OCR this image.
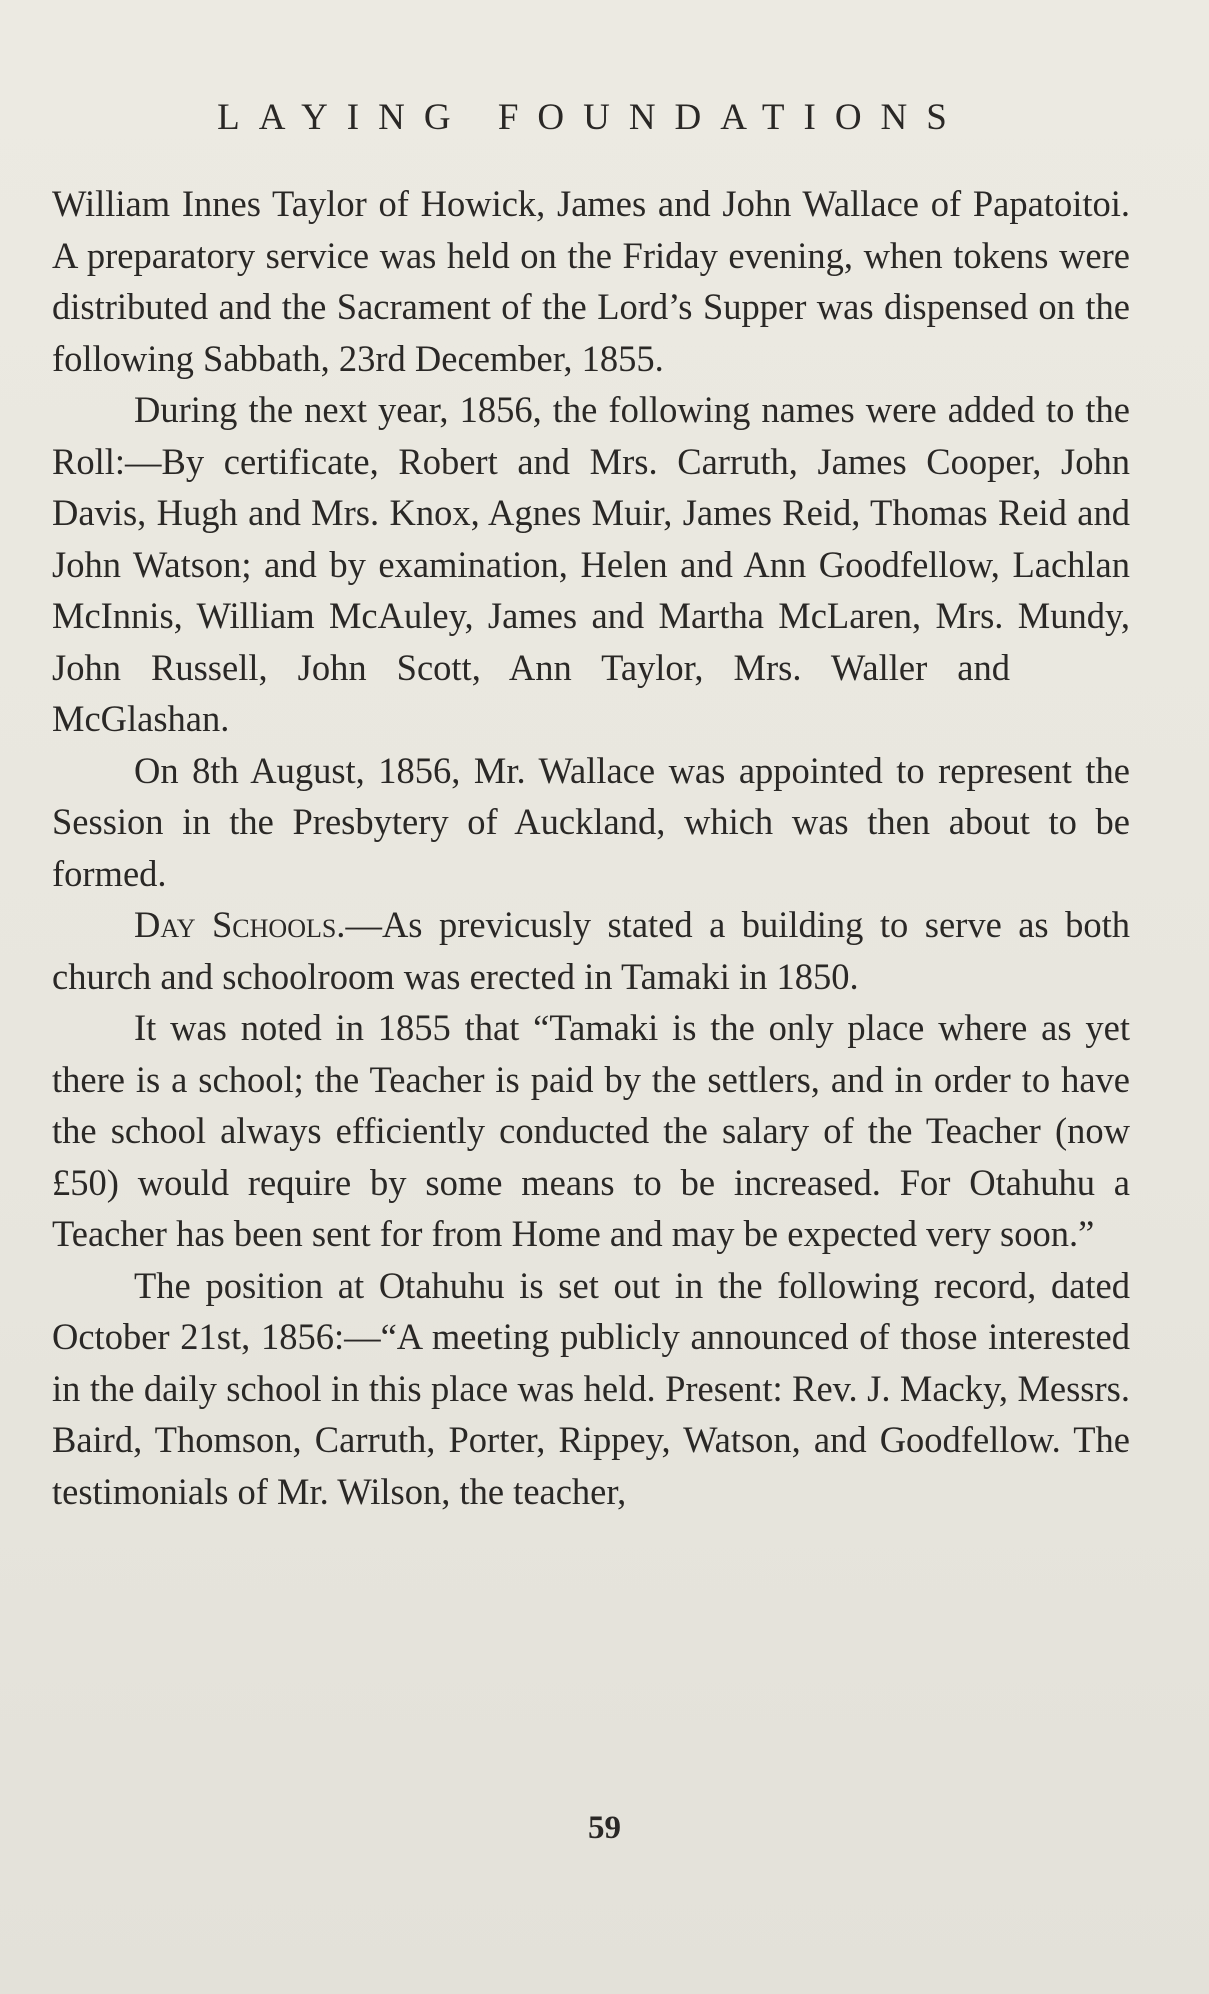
LAYING FOUNDATIONS

William Innes Taylor of Howick, James and John Wallace of Papatoitoi. A preparatory service was held on the Friday evening, when tokens were distributed and the Sacrament of the Lord’s Supper was dispensed on the following Sabbath, 23rd December, 1855.

During the next year, 1856, the following names were added to the Roll:—By certificate, Robert and Mrs. Carruth, James Cooper, John Davis, Hugh and Mrs. Knox, Agnes Muir, James Reid, Thomas Reid and John Watson; and by examination, Helen and Ann Goodfellow, Lachlan McInnis, William McAuley, James and Martha McLaren, Mrs. Mundy, John Russell, John Scott, Ann Taylor, Mrs. Waller andMcGlashan.

On 8th August, 1856, Mr. Wallace was appointed to represent the Session in the Presbytery of Auckland, which was then about to be formed.

Day Schools.—As previcusly stated a building to serve as both church and schoolroom was erected in Tamaki in 1850.

It was noted in 1855 that “Tamaki is the only place where as yet there is a school; the Teacher is paid by the settlers, and in order to have the school always efficiently conducted the salary of the Teacher (now £50) would require by some means to be increased. For Otahuhu a Teacher has been sent for from Home and may be expected very soon.”

The position at Otahuhu is set out in the following record, dated October 21st, 1856:—“A meeting publicly announced of those interested in the daily school in this place was held. Present: Rev. J. Macky, Messrs. Baird, Thomson, Carruth, Porter, Rippey, Watson, and Goodfellow. The testimonials of Mr. Wilson, the teacher,

59
